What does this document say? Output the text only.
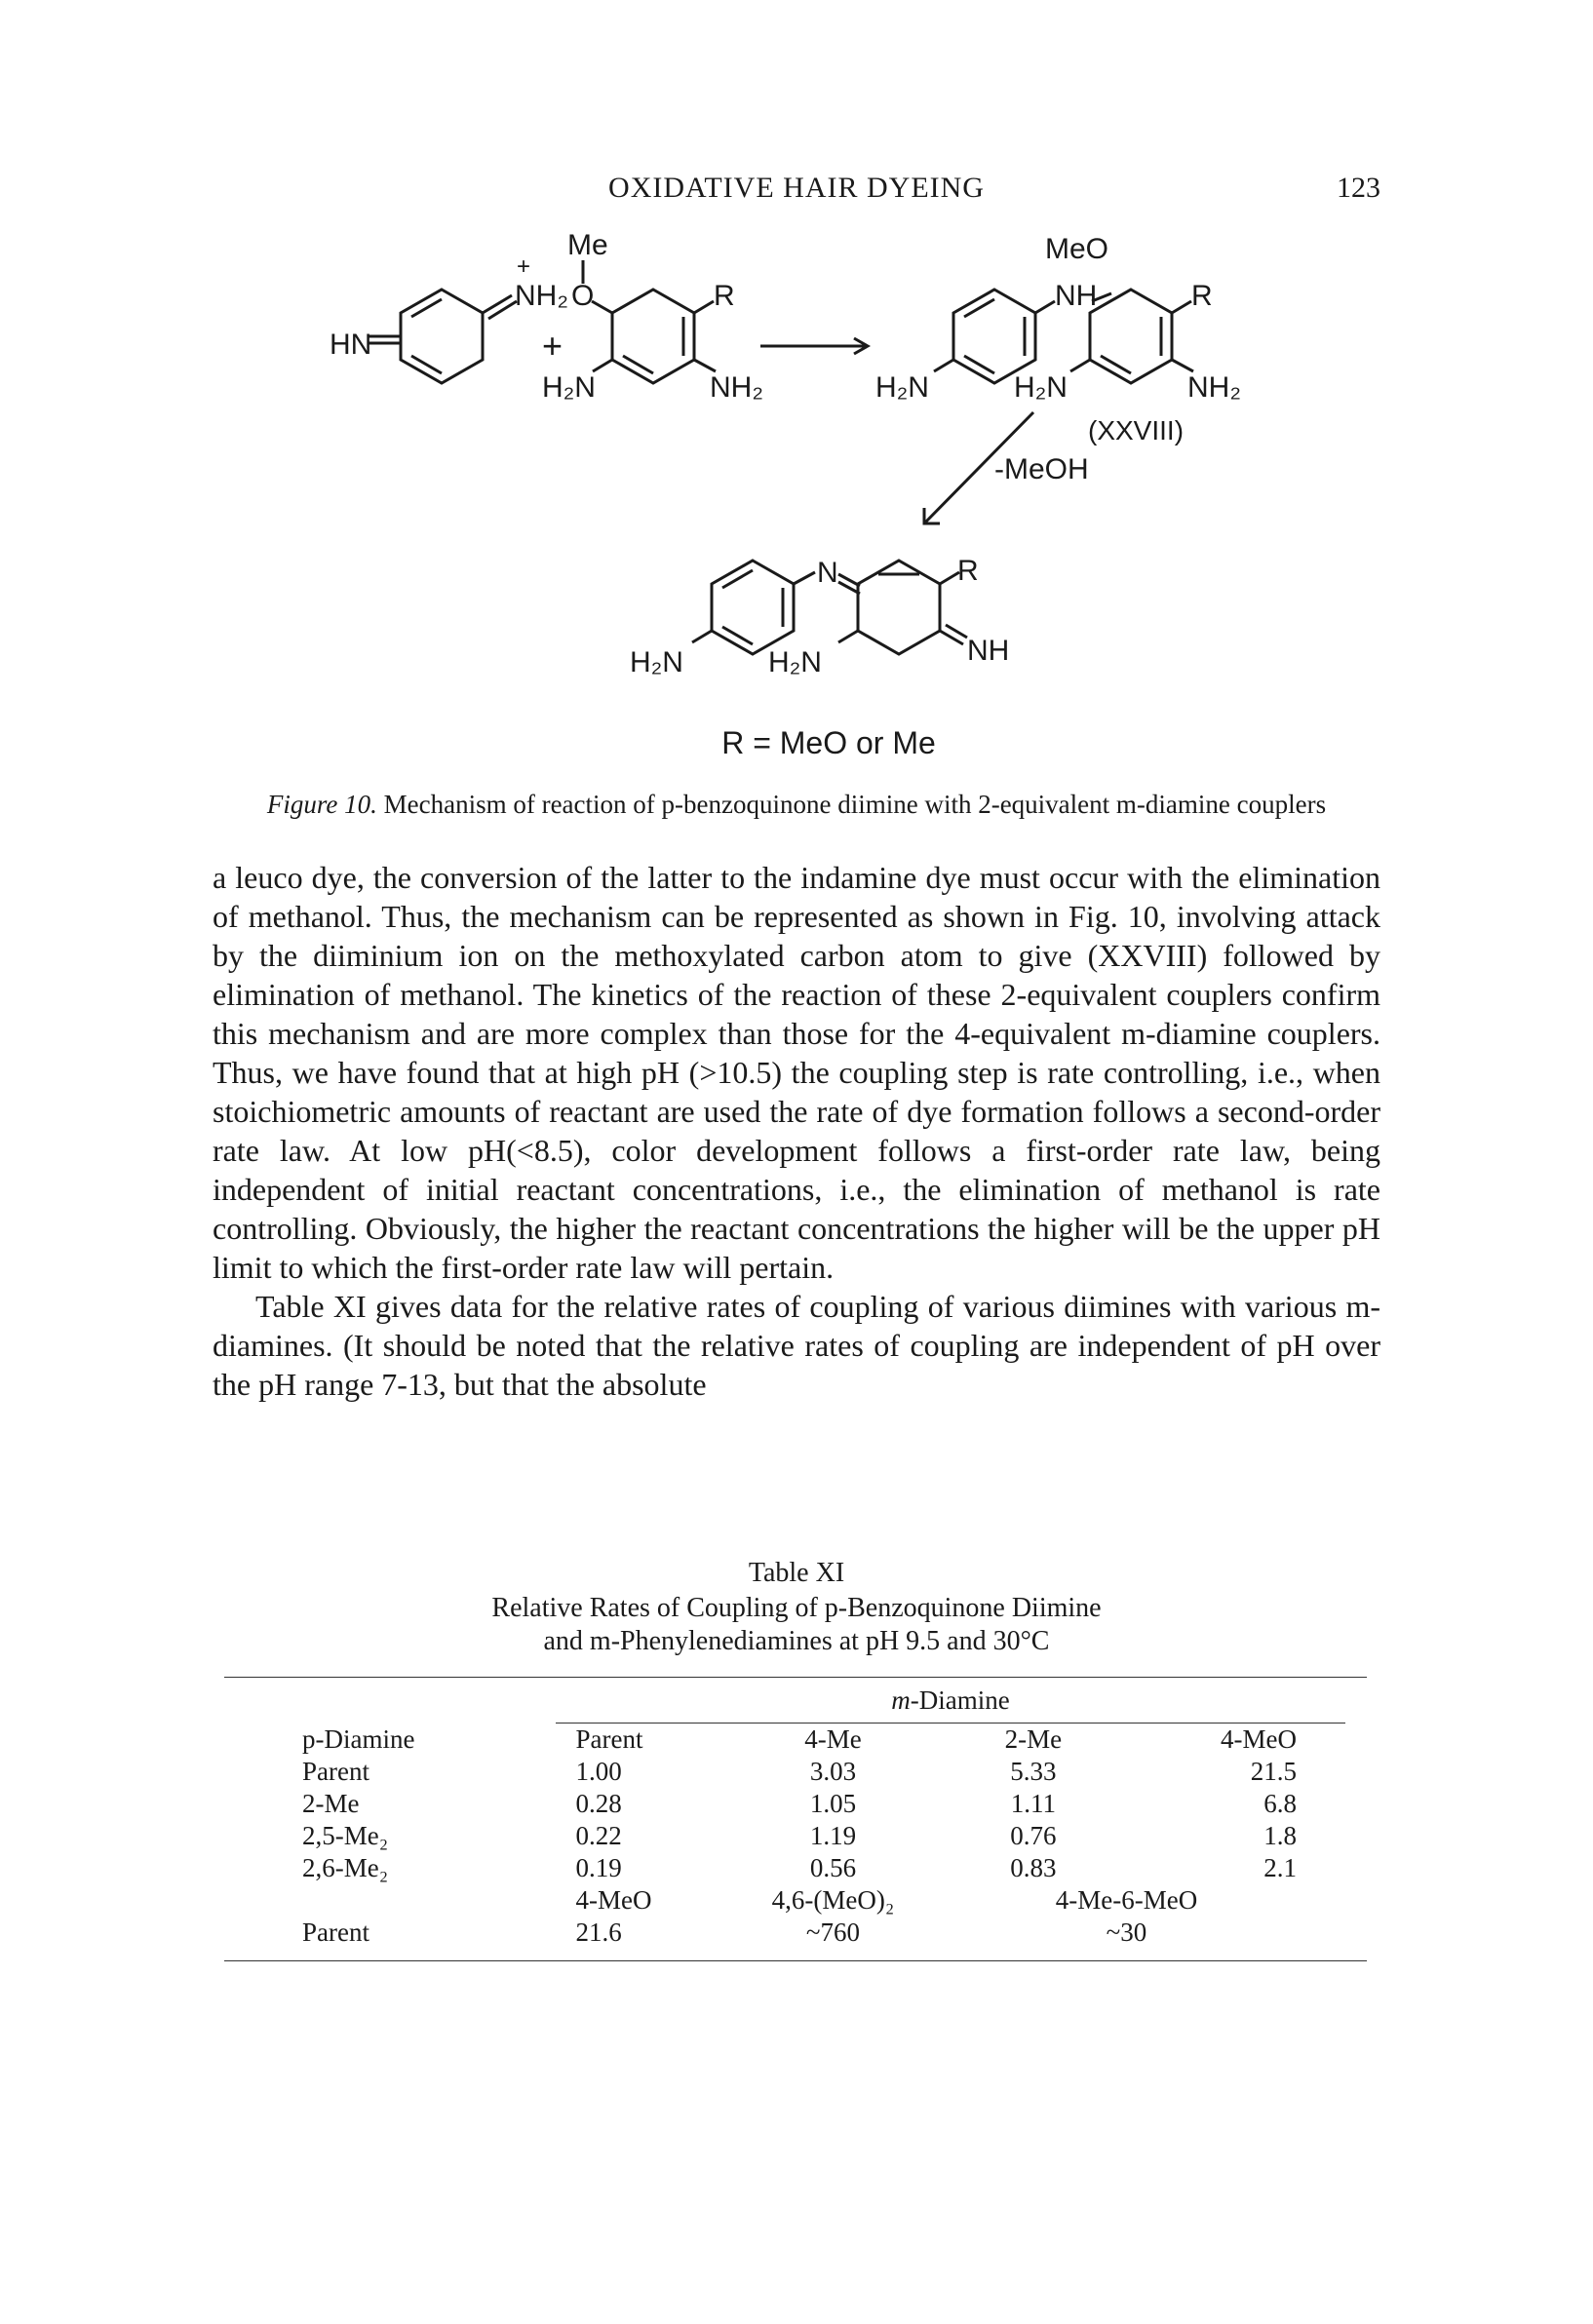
OXIDATIVE HAIR DYEING	123
HN
NH₂
+
+
Me
O	R
H₂N	NH₂	H₂N
MeO
NH	R
H₂N	NH₂
(XXVIII)
-MeOH
H₂N
N	R
H₂N	NH
R = MeO or Me
Figure 10. Mechanism of reaction of p-benzoquinone diimine with 2-equivalent m-diamine couplers

a leuco dye, the conversion of the latter to the indamine dye must occur with the elimination of methanol. Thus, the mechanism can be represented as shown in Fig. 10, involving attack by the diiminium ion on the methoxylated carbon atom to give (XXVIII) followed by elimination of methanol. The kinetics of the reaction of these 2-equivalent couplers confirm this mechanism and are more complex than those for the 4-equivalent m-diamine couplers. Thus, we have found that at high pH (>10.5) the coupling step is rate controlling, i.e., when stoichiometric amounts of reactant are used the rate of dye formation follows a second-order rate law. At low pH(<8.5), color development follows a first-order rate law, being independent of initial reactant concentrations, i.e., the elimination of methanol is rate controlling. Obviously, the higher the reactant concentrations the higher will be the upper pH limit to which the first-order rate law will pertain.

Table XI gives data for the relative rates of coupling of various diimines with various m-diamines. (It should be noted that the relative rates of coupling are independent of pH over the pH range 7-13, but that the absolute

Table XI
Relative Rates of Coupling of p-Benzoquinone Diimine
and m-Phenylenediamines at pH 9.5 and 30°C
m-Diamine
p-Diamine	Parent	4-Me	2-Me	4-MeO
Parent	1.00	3.03	5.33	21.5
2-Me	0.28	1.05	1.11	6.8
2,5-Me₂	0.22	1.19	0.76	1.8
2,6-Me₂	0.19	0.56	0.83	2.1
	4-MeO	4,6-(MeO)₂	4-Me-6-MeO	
Parent	21.6	~760	~30	
